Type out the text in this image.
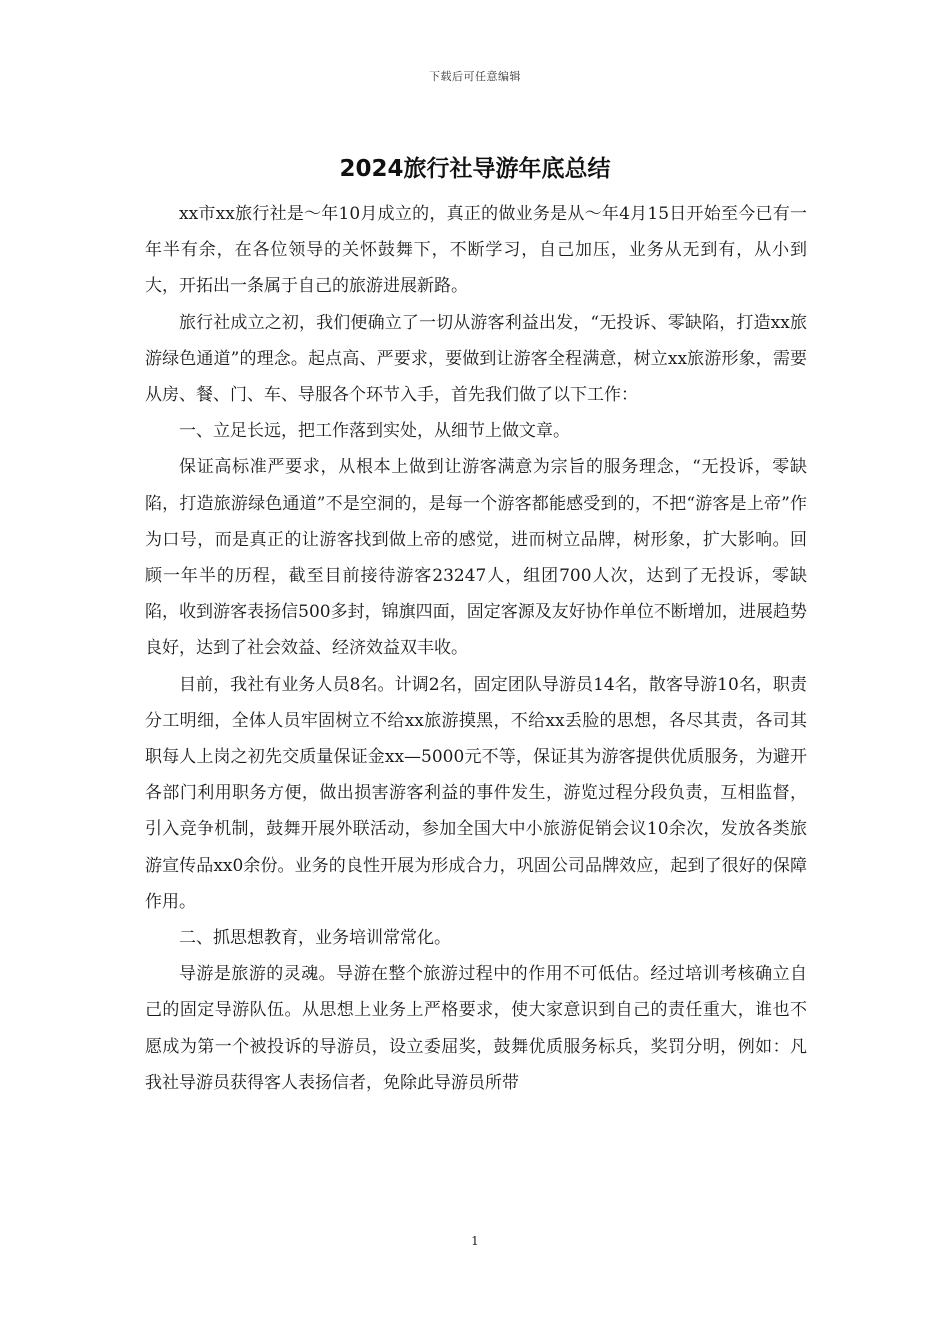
下载后可任意编辑
2024旅行社导游年底总结

xx市xx旅行社是～年10月成立的，真正的做业务是从～年4月15日开始至今已有一年半有余，在各位领导的关怀鼓舞下，不断学习，自己加压，业务从无到有，从小到大，开拓出一条属于自己的旅游进展新路。

旅行社成立之初，我们便确立了一切从游客利益出发，“无投诉、零缺陷，打造xx旅游绿色通道”的理念。起点高、严要求，要做到让游客全程满意，树立xx旅游形象，需要从房、餐、门、车、导服各个环节入手，首先我们做了以下工作：

一、立足长远，把工作落到实处，从细节上做文章。

保证高标准严要求，从根本上做到让游客满意为宗旨的服务理念，“无投诉，零缺陷，打造旅游绿色通道”不是空洞的，是每一个游客都能感受到的，不把“游客是上帝”作为口号，而是真正的让游客找到做上帝的感觉，进而树立品牌，树形象，扩大影响。回顾一年半的历程，截至目前接待游客23247人，组团700人次，达到了无投诉，零缺陷，收到游客表扬信500多封，锦旗四面，固定客源及友好协作单位不断增加，进展趋势良好，达到了社会效益、经济效益双丰收。

目前，我社有业务人员8名。计调2名，固定团队导游员14名，散客导游10名，职责分工明细，全体人员牢固树立不给xx旅游摸黑，不给xx丢脸的思想，各尽其责，各司其职每人上岗之初先交质量保证金xx—5000元不等，保证其为游客提供优质服务，为避开各部门利用职务方便，做出损害游客利益的事件发生，游览过程分段负责，互相监督，引入竞争机制，鼓舞开展外联活动，参加全国大中小旅游促销会议10余次，发放各类旅游宣传品xx0余份。业务的良性开展为形成合力，巩固公司品牌效应，起到了很好的保障作用。

二、抓思想教育，业务培训常常化。

导游是旅游的灵魂。导游在整个旅游过程中的作用不可低估。经过培训考核确立自己的固定导游队伍。从思想上业务上严格要求，使大家意识到自己的责任重大，谁也不愿成为第一个被投诉的导游员，设立委屈奖，鼓舞优质服务标兵，奖罚分明，例如：凡我社导游员获得客人表扬信者，免除此导游员所带

1
